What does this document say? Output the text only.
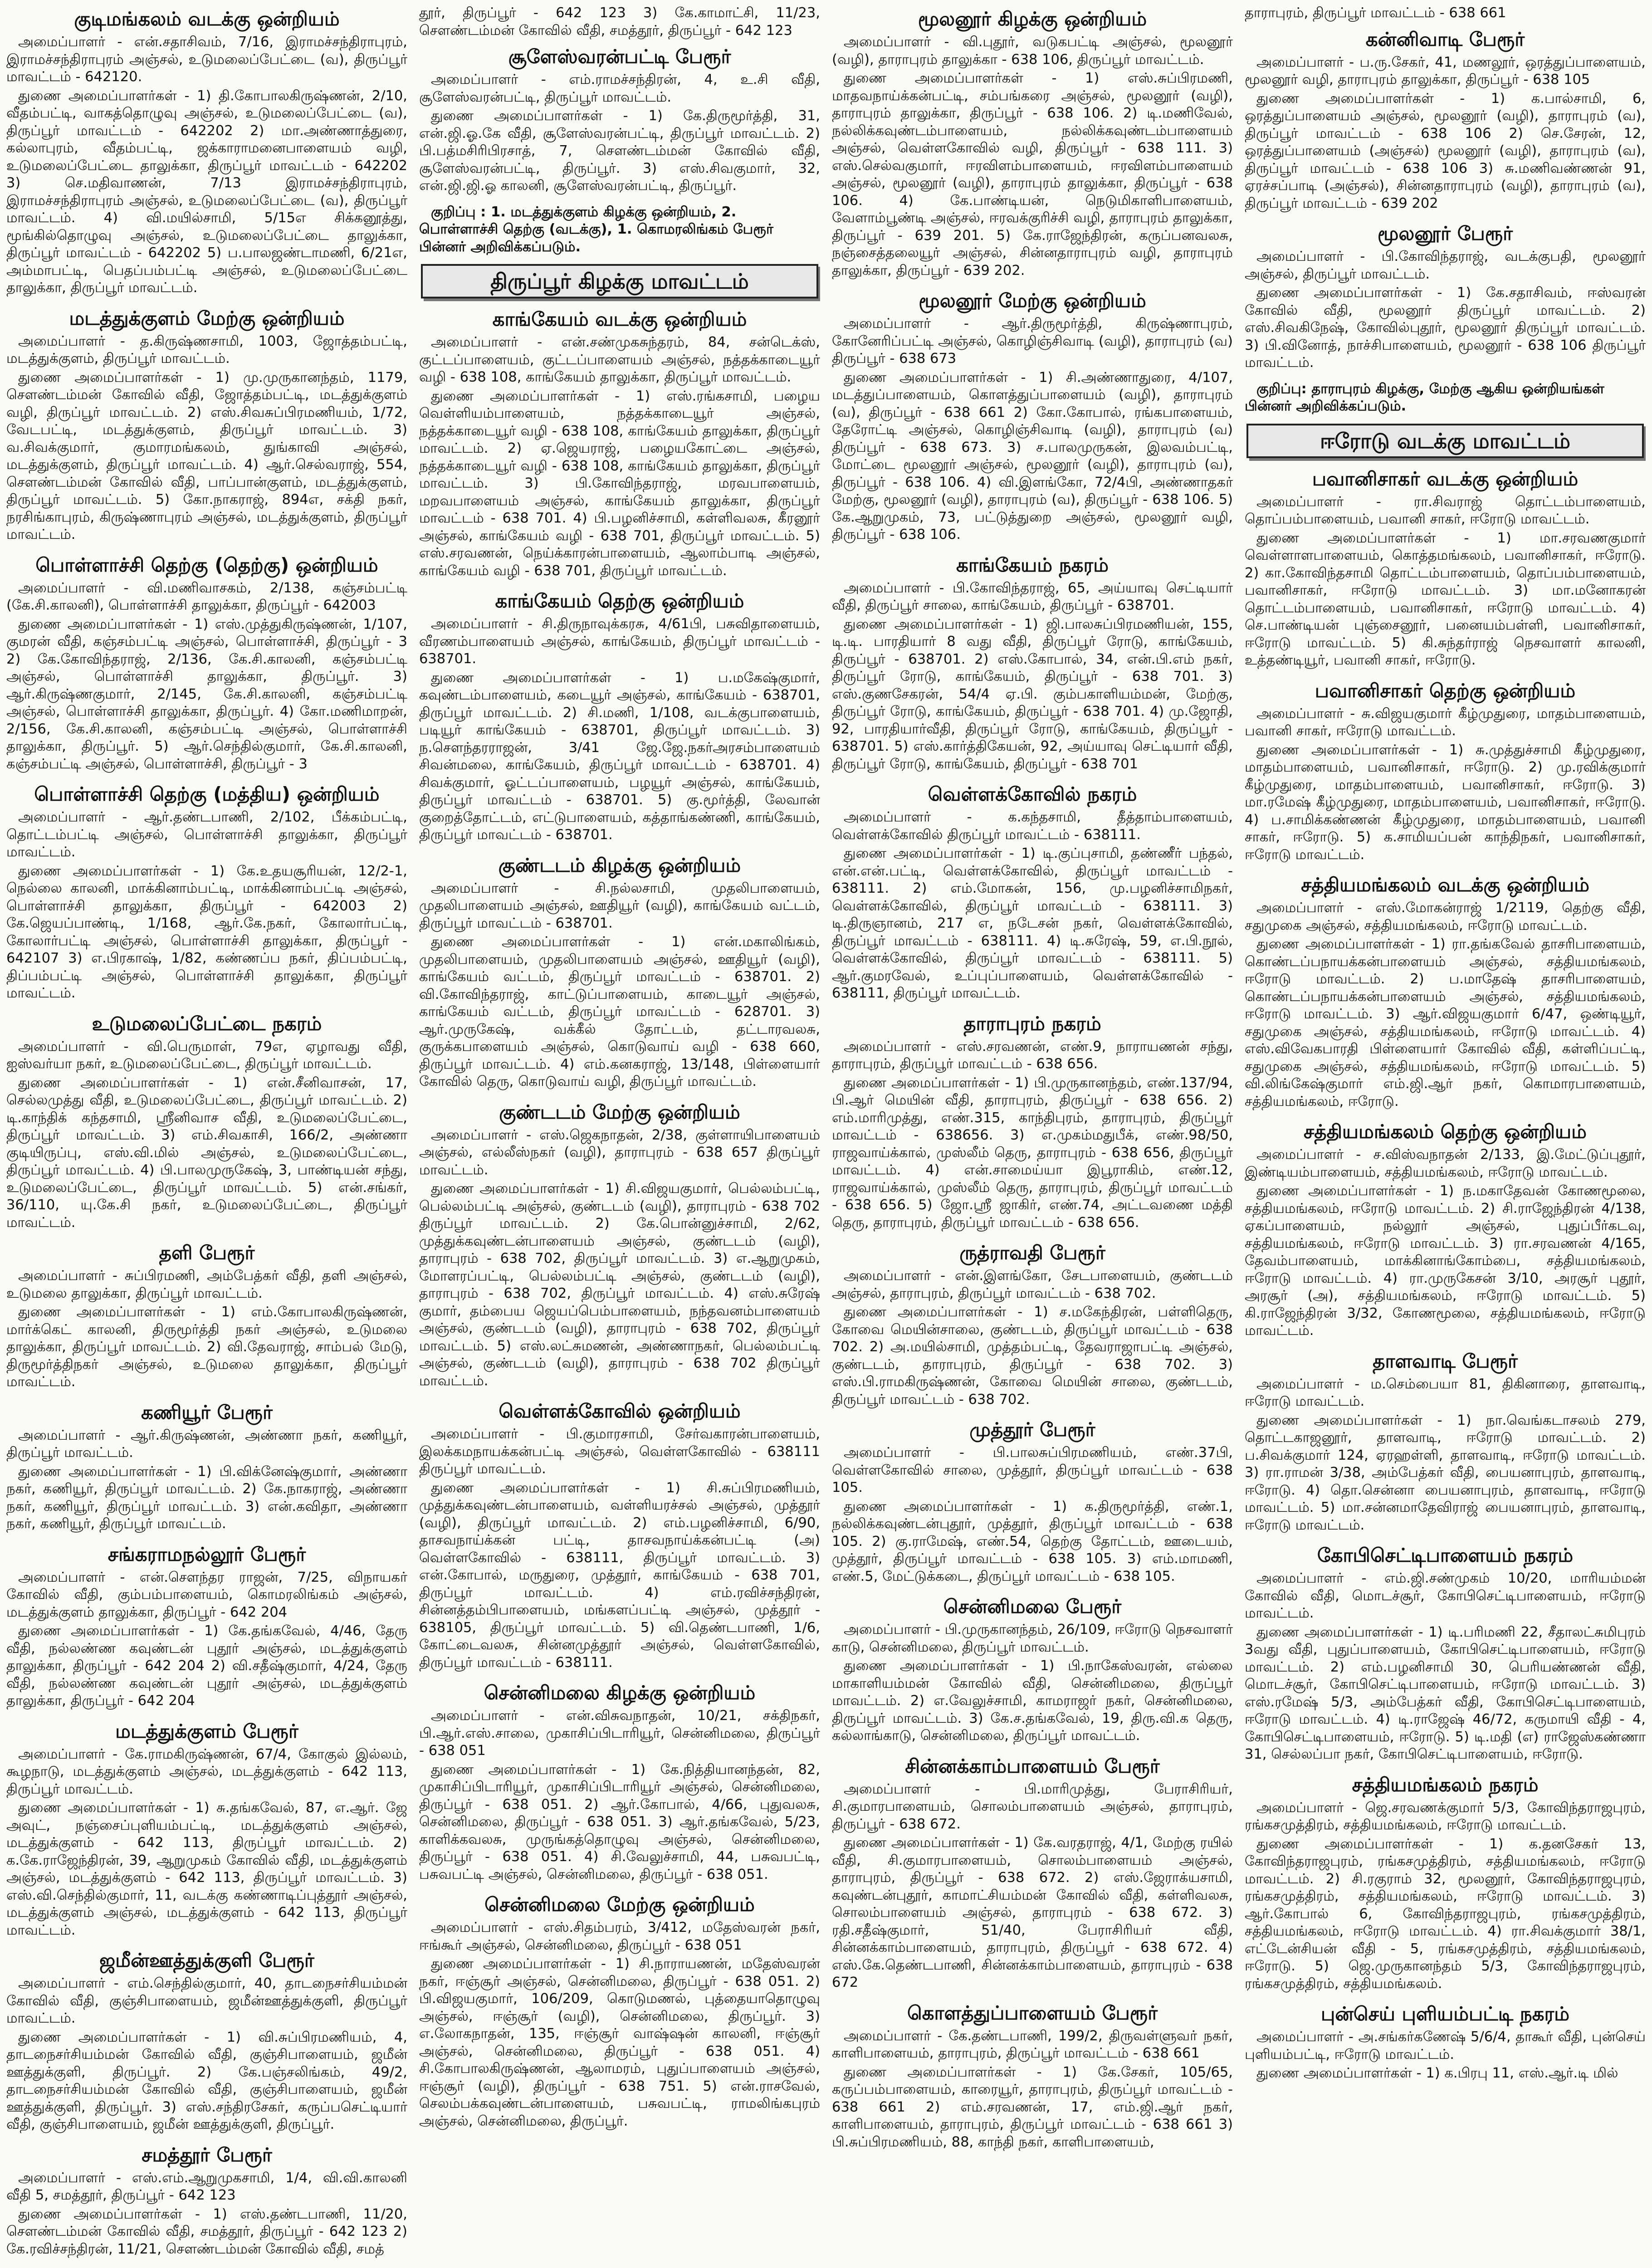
குடிமங்கலம் வடக்கு ஒன்றியம்
அமைப்பாளர் - என்.சதாசிவம், 7/16, இராமச்சந்திராபுரம், இராமச்சந்திராபுரம் அஞ்சல், உடுமலைப்பேட்டை (வ), திருப்பூர் மாவட்டம் - 642120.
துணை அமைப்பாளர்கள் - 1) தி.கோபாலகிருஷ்ணன், 2/10, வீதம்பட்டி, வாகத்தொழுவு அஞ்சல், உடுமலைப்பேட்டை (வ), திருப்பூர் மாவட்டம் - 642202 2) மா.அண்ணாத்துரை, கல்லாபுரம், வீதம்பட்டி, ஜக்காராமனைபாளையம் வழி, உடுமலைப்பேட்டை தாலுக்கா, திருப்பூர் மாவட்டம் - 642202 3) செ.மதிவாணன், 7/13 இராமச்சந்திராபுரம், இராமச்சந்திராபுரம் அஞ்சல், உடுமலைப்பேட்டை (வ), திருப்பூர் மாவட்டம். 4) வி.மயில்சாமி, 5/15எ சிக்கனூத்து, மூங்கில்தொழுவு அஞ்சல், உடுமலைப்பேட்டை தாலுக்கா, திருப்பூர் மாவட்டம் - 642202 5) ப.பாலஜண்டாமணி, 6/21எ, அம்மாபட்டி, பெதப்பம்பட்டி அஞ்சல், உடுமலைப்பேட்டை தாலுக்கா, திருப்பூர் மாவட்டம்.
மடத்துக்குளம் மேற்கு ஒன்றியம்
அமைப்பாளர் - த.கிருஷ்ணசாமி, 1003, ஜோத்தம்பட்டி, மடத்துக்குளம், திருப்பூர் மாவட்டம்.
துணை அமைப்பாளர்கள் - 1) மு.முருகானந்தம், 1179, சௌண்டம்மன் கோவில் வீதி, ஜோத்தம்பட்டி, மடத்துக்குளம் வழி, திருப்பூர் மாவட்டம். 2) எஸ்.சிவசுப்பிரமணியம், 1/72, வேடபட்டி, மடத்துக்குளம், திருப்பூர் மாவட்டம். 3) வ.சிவக்குமார், குமாரமங்கலம், துங்காவி அஞ்சல், மடத்துக்குளம், திருப்பூர் மாவட்டம். 4) ஆர்.செல்வராஜ், 554, சௌண்டம்மன் கோவில் வீதி, பாப்பான்குளம், மடத்துக்குளம், திருப்பூர் மாவட்டம். 5) கோ.நாகராஜ், 894எ, சக்தி நகர், நரசிங்காபுரம், கிருஷ்ணாபுரம் அஞ்சல், மடத்துக்குளம், திருப்பூர் மாவட்டம்.
பொள்ளாச்சி தெற்கு (தெற்கு) ஒன்றியம்
அமைப்பாளர் - வி.மணிவாசகம், 2/138, கஞ்சம்பட்டி (கே.சி.காலனி), பொள்ளாச்சி தாலுக்கா, திருப்பூர் - 642003
துணை அமைப்பாளர்கள் - 1) எஸ்.முத்துகிருஷ்ணன், 1/107, குமரன் வீதி, கஞ்சம்பட்டி அஞ்சல், பொள்ளாச்சி, திருப்பூர் - 3 2) கே.கோவிந்தராஜ், 2/136, கே.சி.காலனி, கஞ்சம்பட்டி அஞ்சல், பொள்ளாச்சி தாலுக்கா, திருப்பூர். 3) ஆர்.கிருஷ்ணகுமார், 2/145, கே.சி.காலனி, கஞ்சம்பட்டி அஞ்சல், பொள்ளாச்சி தாலுக்கா, திருப்பூர். 4) கோ.மணிமாறன், 2/156, கே.சி.காலனி, கஞ்சம்பட்டி அஞ்சல், பொள்ளாச்சி தாலுக்கா, திருப்பூர். 5) ஆர்.செந்தில்குமார், கே.சி.காலனி, கஞ்சம்பட்டி அஞ்சல், பொள்ளாச்சி, திருப்பூர் - 3
பொள்ளாச்சி தெற்கு (மத்திய) ஒன்றியம்
அமைப்பாளர் - ஆர்.தண்டபாணி, 2/102, பீக்கம்பட்டி, தொட்டம்பட்டி அஞ்சல், பொள்ளாச்சி தாலுக்கா, திருப்பூர் மாவட்டம்.
துணை அமைப்பாளர்கள் - 1) கே.உதயசூரியன், 12/2-1, நெல்லை காலனி, மாக்கினாம்பட்டி, மாக்கினாம்பட்டி அஞ்சல், பொள்ளாச்சி தாலுக்கா, திருப்பூர் - 642003 2) கே.ஜெயப்பாண்டி, 1/168, ஆர்.கே.நகர், கோலார்பட்டி, கோலார்பட்டி அஞ்சல், பொள்ளாச்சி தாலுக்கா, திருப்பூர் - 642107 3) எ.பிரகாஷ், 1/82, கண்ணப்ப நகர், திப்பம்பட்டி, திப்பம்பட்டி அஞ்சல், பொள்ளாச்சி தாலுக்கா, திருப்பூர் மாவட்டம்.
உடுமலைப்பேட்டை நகரம்
அமைப்பாளர் - வி.பெருமாள், 79எ, ஏழாவது வீதி, ஐஸ்வர்யா நகர், உடுமலைப்பேட்டை, திருப்பூர் மாவட்டம்.
துணை அமைப்பாளர்கள் - 1) என்.சீனிவாசன், 17, செல்லமுத்து வீதி, உடுமலைப்பேட்டை, திருப்பூர் மாவட்டம். 2) டி.காந்திக் கந்தசாமி, ஸ்ரீனிவாச வீதி, உடுமலைப்பேட்டை, திருப்பூர் மாவட்டம். 3) எம்.சிவகாசி, 166/2, அண்ணா குடியிருப்பு, எஸ்.வி.மில் அஞ்சல், உடுமலைப்பேட்டை, திருப்பூர் மாவட்டம். 4) பி.பாலமுருகேஷ், 3, பாண்டியன் சந்து, உடுமலைப்பேட்டை, திருப்பூர் மாவட்டம். 5) என்.சங்கர், 36/110, யு.கே.சி நகர், உடுமலைப்பேட்டை, திருப்பூர் மாவட்டம்.
தளி பேரூர்
அமைப்பாளர் - சுப்பிரமணி, அம்பேத்கர் வீதி, தளி அஞ்சல், உடுமலை தாலுக்கா, திருப்பூர் மாவட்டம்.
துணை அமைப்பாளர்கள் - 1) எம்.கோபாலகிருஷ்ணன், மார்க்கெட் காலனி, திருமூர்த்தி நகர் அஞ்சல், உடுமலை தாலுக்கா, திருப்பூர் மாவட்டம். 2) வி.தேவராஜ், சாம்பல் மேடு, திருமூர்த்திநகர் அஞ்சல், உடுமலை தாலுக்கா, திருப்பூர் மாவட்டம்.
கணியூர் பேரூர்
அமைப்பாளர் - ஆர்.கிருஷ்ணன், அண்ணா நகர், கணியூர், திருப்பூர் மாவட்டம்.
துணை அமைப்பாளர்கள் - 1) பி.விக்னேஷ்குமார், அண்ணா நகர், கணியூர், திருப்பூர் மாவட்டம். 2) கே.நாகராஜ், அண்ணா நகர், கணியூர், திருப்பூர் மாவட்டம். 3) என்.கவிதா, அண்ணா நகர், கணியூர், திருப்பூர் மாவட்டம்.
சங்கராமநல்லூர் பேரூர்
அமைப்பாளர் - என்.சௌந்தர ராஜன், 7/25, விநாயகர் கோவில் வீதி, கும்பம்பாளையம், கொமரலிங்கம் அஞ்சல், மடத்துக்குளம் தாலுக்கா, திருப்பூர் - 642 204
துணை அமைப்பாளர்கள் - 1) கே.தங்கவேல், 4/46, தேரு வீதி, நல்லண்ண கவுண்டன் புதூர் அஞ்சல், மடத்துக்குளம் தாலுக்கா, திருப்பூர் - 642 204 2) வி.சதீஷ்குமார், 4/24, தேரு வீதி, நல்லண்ண கவுண்டன் புதூர் அஞ்சல், மடத்துக்குளம் தாலுக்கா, திருப்பூர் - 642 204
மடத்துக்குளம் பேரூர்
அமைப்பாளர் - கே.ராமகிருஷ்ணன், 67/4, கோகுல் இல்லம், கூழநாடு, மடத்துக்குளம் அஞ்சல், மடத்துக்குளம் - 642 113, திருப்பூர் மாவட்டம்.
துணை அமைப்பாளர்கள் - 1) சு.தங்கவேல், 87, எ.ஆர். ஜே அவுட், நஞ்சைப்புளியம்பட்டி, மடத்துக்குளம் அஞ்சல், மடத்துக்குளம் - 642 113, திருப்பூர் மாவட்டம். 2) க.கே.ராஜேந்திரன், 39, ஆறுமுகம் கோவில் வீதி, மடத்துக்குளம் அஞ்சல், மடத்துக்குளம் - 642 113, திருப்பூர் மாவட்டம். 3) எஸ்.வி.செந்தில்குமார், 11, வடக்கு கண்ணாடிப்புத்தூர் அஞ்சல், மடத்துக்குளம் அஞ்சல், மடத்துக்குளம் - 642 113, திருப்பூர் மாவட்டம்.
ஜமீன்ஊத்துக்குளி பேரூர்
அமைப்பாளர் - எம்.செந்தில்குமார், 40, தாடநைசர்சியம்மன் கோவில் வீதி, குஞ்சிபாளையம், ஜமீன்ஊத்துக்குளி, திருப்பூர் மாவட்டம்.
துணை அமைப்பாளர்கள் - 1) வி.சுப்பிரமணியம், 4, தாடநைசர்சியம்மன் கோவில் வீதி, குஞ்சிபாளையம், ஜமீன் ஊத்துக்குளி, திருப்பூர். 2) கே.பஞ்சலிங்கம், 49/2, தாடநைசர்சியம்மன் கோவில் வீதி, குஞ்சிபாளையம், ஜமீன் ஊத்துக்குளி, திருப்பூர். 3) எஸ்.சந்திரசேகர், கருப்பசெட்டியார் வீதி, குஞ்சிபாளையம், ஜமீன் ஊத்துக்குளி, திருப்பூர்.
சமத்தூர் பேரூர்
அமைப்பாளர் - எஸ்.எம்.ஆறுமுகசாமி, 1/4, வி.வி.காலனி வீதி 5, சமத்தூர், திருப்பூர் - 642 123
துணை அமைப்பாளர்கள் - 1) எஸ்.தண்டபாணி, 11/20, செளண்டம்மன் கோவில் வீதி, சமத்தூர், திருப்பூர் - 642 123 2) கே.ரவிச்சந்திரன், 11/21, செளண்டம்மன் கோவில் வீதி, சமத்
தூர், திருப்பூர் - 642 123 3) கே.காமாட்சி, 11/23, செளண்டம்மன் கோவில் வீதி, சமத்தூர், திருப்பூர் - 642 123
சூளேஸ்வரன்பட்டி பேரூர்
அமைப்பாளர் - எம்.ராமச்சந்திரன், 4, உ.சி வீதி, சூளேஸ்வரன்பட்டி, திருப்பூர் மாவட்டம்.
துணை அமைப்பாளர்கள் - 1) கே.திருமூர்த்தி, 31, என்.ஜி.ஓ.கே வீதி, சூளேஸ்வரன்பட்டி, திருப்பூர் மாவட்டம். 2) பி.பத்மசிரிபிரசாத், 7, செளண்டம்மன் கோவில் வீதி, சூளேஸ்வரன்பட்டி, திருப்பூர். 3) எஸ்.சிவகுமார், 32, என்.ஜி.ஜி.ஓ காலனி, சூளேஸ்வரன்பட்டி, திருப்பூர்.
குறிப்பு : 1. மடத்துக்குளம் கிழக்கு ஒன்றியம், 2. பொள்ளாச்சி தெற்கு (வடக்கு), 1. கொமரலிங்கம் பேரூர் பின்னர் அறிவிக்கப்படும்.
திருப்பூர் கிழக்கு மாவட்டம்
காங்கேயம் வடக்கு ஒன்றியம்
அமைப்பாளர் - என்.சண்முகசுந்தரம், 84, சன்டெக்ஸ், குட்டப்பாளையம், குட்டப்பாளையம் அஞ்சல், நத்தக்காடையூர் வழி - 638 108, காங்கேயம் தாலுக்கா, திருப்பூர் மாவட்டம்.
துணை அமைப்பாளர்கள் - 1) எஸ்.ரங்கசாமி, பழைய வெள்ளியம்பாளையம், நத்தக்காடையூர் அஞ்சல், நத்தக்காடையூர் வழி - 638 108, காங்கேயம் தாலுக்கா, திருப்பூர் மாவட்டம். 2) ஏ.ஜெயராஜ், பழையகோட்டை அஞ்சல், நத்தக்காடையூர் வழி - 638 108, காங்கேயம் தாலுக்கா, திருப்பூர் மாவட்டம். 3) பி.கோவிந்தராஜ், மரவபாளையம், மறவபாளையம் அஞ்சல், காங்கேயம் தாலுக்கா, திருப்பூர் மாவட்டம் - 638 701. 4) பி.பழனிச்சாமி, கள்ளிவலசு, கீரனூர் அஞ்சல், காங்கேயம் வழி - 638 701, திருப்பூர் மாவட்டம். 5) எஸ்.சரவணன், நெய்க்காரன்பாளையம், ஆலாம்பாடி அஞ்சல், காங்கேயம் வழி - 638 701, திருப்பூர் மாவட்டம்.
காங்கேயம் தெற்கு ஒன்றியம்
அமைப்பாளர் - சி.திருநாவுக்கரசு, 4/61பி, பசுவிதாளையம், வீரணம்பாளையம் அஞ்சல், காங்கேயம், திருப்பூர் மாவட்டம் - 638701.
துணை அமைப்பாளர்கள் - 1) ப.மகேஷ்குமார், கவுண்டம்பாளையம், கடையூர் அஞ்சல், காங்கேயம் - 638701, திருப்பூர் மாவட்டம். 2) சி.மணி, 1/108, வடக்குபாளையம், படியூர் காங்கேயம் - 638701, திருப்பூர் மாவட்டம். 3) ந.சௌந்தரராஜன், 3/41 ஜே.ஜே.நகர்அரசம்பாளையம் சிவன்மலை, காங்கேயம், திருப்பூர் மாவட்டம் - 638701. 4) சிவக்குமார், ஓட்டப்பாளையம், பழயூர் அஞ்சல், காங்கேயம், திருப்பூர் மாவட்டம் - 638701. 5) கு.மூர்த்தி, லேவான் குறைத்தோட்டம், எட்டுபாளையம், கத்தாங்கண்ணி, காங்கேயம், திருப்பூர் மாவட்டம் - 638701.
குண்டடம் கிழக்கு ஒன்றியம்
அமைப்பாளர் - சி.நல்லசாமி, முதலிபாளையம், முதலிபாளையம் அஞ்சல், ஊதியூர் (வழி), காங்கேயம் வட்டம், திருப்பூர் மாவட்டம் - 638701.
துணை அமைப்பாளர்கள் - 1) என்.மகாலிங்கம், முதலிபாளையம், முதலிபாளையம் அஞ்சல், ஊதியூர் (வழி), காங்கேயம் வட்டம், திருப்பூர் மாவட்டம் - 638701. 2) வி.கோவிந்தராஜ், காட்டுப்பாளையம், காடையூர் அஞ்சல், காங்கேயம் வட்டம், திருப்பூர் மாவட்டம் - 628701. 3) ஆர்.முருகேஷ், வக்கீல் தோட்டம், தட்டாரவலசு, குருக்கபாளையம் அஞ்சல், கொடுவாய் வழி - 638 660, திருப்பூர் மாவட்டம். 4) எம்.கனகராஜ், 13/148, பிள்ளையார் கோவில் தெரு, கொடுவாய் வழி, திருப்பூர் மாவட்டம்.
குண்டடம் மேற்கு ஒன்றியம்
அமைப்பாளர் - எஸ்.ஜெகநாதன், 2/38, குள்ளாயிபாளையம் அஞ்சல், எல்லீஸ்நகர் (வழி), தாராபுரம் - 638 657 திருப்பூர் மாவட்டம்.
துணை அமைப்பாளர்கள் - 1) சி.விஜயகுமார், பெல்லம்பட்டி, பெல்லம்பட்டி அஞ்சல், குண்டடம் (வழி), தாராபுரம் - 638 702 திருப்பூர் மாவட்டம். 2) கே.பொன்னுச்சாமி, 2/62, முத்துக்கவுண்டன்பாளையம் அஞ்சல், குண்டடம் (வழி), தாராபுரம் - 638 702, திருப்பூர் மாவட்டம். 3) எ.ஆறுமுகம், மோளரப்பட்டி, பெல்லம்பட்டி அஞ்சல், குண்டடம் (வழி), தாராபுரம் - 638 702, திருப்பூர் மாவட்டம். 4) எஸ்.சுரேஷ் குமார், தம்பைய ஜெயப்பெம்பாளையம், நந்தவனம்பாளையம் அஞ்சல், குண்டடம் (வழி), தாராபுரம் - 638 702, திருப்பூர் மாவட்டம். 5) எஸ்.லட்சுமணன், அண்ணாநகர், பெல்லம்பட்டி அஞ்சல், குண்டடம் (வழி), தாராபுரம் - 638 702 திருப்பூர் மாவட்டம்.
வெள்ளக்கோவில் ஒன்றியம்
அமைப்பாளர் - பி.குமாரசாமி, சேர்வகாரன்பாளையம், இலக்கமநாயக்கன்பட்டி அஞ்சல், வெள்ளகோவில் - 638111 திருப்பூர் மாவட்டம்.
துணை அமைப்பாளர்கள் - 1) சி.சுப்பிரமணியம், முத்துக்கவுண்டன்பாளையம், வள்ளியரச்சல் அஞ்சல், முத்தூர் (வழி), திருப்பூர் மாவட்டம். 2) எம்.பழனிச்சாமி, 6/90, தாசவநாய்க்கன் பட்டி, தாசவநாய்க்கன்பட்டி (அ) வெள்ளகோவில் - 638111, திருப்பூர் மாவட்டம். 3) என்.கோபால், மருதுரை, முத்தூர், காங்கேயம் - 638 701, திருப்பூர் மாவட்டம். 4) எம்.ரவிச்சந்திரன், சின்னத்தம்பிபாளையம், மங்களப்பட்டி அஞ்சல், முத்தூர் - 638105, திருப்பூர் மாவட்டம். 5) வி.தெண்டபாணி, 1/6, கோட்டைவலசு, சின்னமுத்தூர் அஞ்சல், வெள்ளகோவில், திருப்பூர் மாவட்டம் - 638111.
சென்னிமலை கிழக்கு ஒன்றியம்
அமைப்பாளர் - என்.விசுவநாதன், 10/21, சக்திநகர், பி.ஆர்.எஸ்.சாலை, முகாசிப்பிடாரியூர், சென்னிமலை, திருப்பூர் - 638 051
துணை அமைப்பாளர்கள் - 1) கே.நித்தியானந்தன், 82, முகாசிப்பிடாரியூர், முகாசிப்பிடாரியூர் அஞ்சல், சென்னிமலை, திருப்பூர் - 638 051. 2) ஆர்.கோபால், 4/66, புதுவலசு, சென்னிமலை, திருப்பூர் - 638 051. 3) ஆர்.தங்கவேல், 5/23, காளிக்கவலசு, முருங்கத்தொழுவு அஞ்சல், சென்னிமலை, திருப்பூர் - 638 051. 4) சி.வேலுச்சாமி, 44, பசுவபட்டி, பசுவபட்டி அஞ்சல், சென்னிமலை, திருப்பூர் - 638 051.
சென்னிமலை மேற்கு ஒன்றியம்
அமைப்பாளர் - எஸ்.சிதம்பரம், 3/412, மதேஸ்வரன் நகர், ஈங்கூர் அஞ்சல், சென்னிமலை, திருப்பூர் - 638 051
துணை அமைப்பாளர்கள் - 1) சி.நாராயணன், மதேஸ்வரன் நகர், ஈஞ்சூர் அஞ்சல், சென்னிமலை, திருப்பூர் - 638 051. 2) பி.விஜயகுமார், 106/209, கொடுமணல், புத்தையாதொழுவு அஞ்சல், ஈஞ்சூர் (வழி), சென்னிமலை, திருப்பூர். 3) எ.லோகநாதன், 135, ஈஞ்சூர் வாஷ்ஷன் காலனி, ஈஞ்சூர் அஞ்சல், சென்னிமலை, திருப்பூர் - 638 051. 4) சி.கோபாலகிருஷ்ணன், ஆலாமரம், புதுப்பாளையம் அஞ்சல், ஈஞ்சூர் (வழி), திருப்பூர் - 638 751. 5) என்.ராசவேல், செலம்பக்கவுண்டன்பாளையம், பசுவபட்டி, ராமலிங்கபுரம் அஞ்சல், சென்னிமலை, திருப்பூர்.
மூலனூர் கிழக்கு ஒன்றியம்
அமைப்பாளர் - வி.புதூர், வடுகபட்டி அஞ்சல், மூலனூர் (வழி), தாராபுரம் தாலுக்கா - 638 106, திருப்பூர் மாவட்டம்.
துணை அமைப்பாளர்கள் - 1) எஸ்.சுப்பிரமணி, மாதவநாய்க்கன்பட்டி, சம்பங்கரை அஞ்சல், மூலனூர் (வழி), தாராபுரம் தாலுக்கா, திருப்பூர் - 638 106. 2) டி.மணிவேல், நல்லிக்கவுண்டம்பாளையம், நல்லிக்கவுண்டம்பாளையம் அஞ்சல், வெள்ளகோவில் வழி, திருப்பூர் - 638 111. 3) எஸ்.செல்வகுமார், ஈரவிளம்பாளையம், ஈரவிளம்பாளையம் அஞ்சல், மூலனூர் (வழி), தாராபுரம் தாலுக்கா, திருப்பூர் - 638 106. 4) கே.பாண்டியன், நெடுமிகாளிபாளையம், வேளாம்பூண்டி அஞ்சல், ஈரவக்குரிச்சி வழி, தாராபுரம் தாலுக்கா, திருப்பூர் - 639 201. 5) கே.ராஜேந்திரன், கருப்பனவலசு, நஞ்சைத்தலையூர் அஞ்சல், சின்னதாராபுரம் வழி, தாராபுரம் தாலுக்கா, திருப்பூர் - 639 202.
மூலனூர் மேற்கு ஒன்றியம்
அமைப்பாளர் - ஆர்.திருமூர்த்தி, கிருஷ்ணாபுரம், கோனேரிப்பட்டி அஞ்சல், கொழிஞ்சிவாடி (வழி), தாராபுரம் (வ) திருப்பூர் - 638 673
துணை அமைப்பாளர்கள் - 1) சி.அண்ணாதுரை, 4/107, மடத்துப்பாளையம், கொளத்துப்பாளையம் (வழி), தாராபுரம் (வ), திருப்பூர் - 638 661 2) கோ.கோபால், ரங்கபாளையம், தேரோட்டி அஞ்சல், கொழிஞ்சிவாடி (வழி), தாராபுரம் (வ) திருப்பூர் - 638 673. 3) ச.பாலமுருகன், இலவம்பட்டி, மோட்டை மூலனூர் அஞ்சல், மூலனூர் (வழி), தாராபுரம் (வ), திருப்பூர் - 638 106. 4) வி.இளங்கோ, 72/4பி, அண்ணாதகர் மேற்கு, மூலனூர் (வழி), தாராபுரம் (வ), திருப்பூர் - 638 106. 5) கே.ஆறுமுகம், 73, பட்டுத்துறை அஞ்சல், மூலனூர் வழி, திருப்பூர் - 638 106.
காங்கேயம் நகரம்
அமைப்பாளர் - பி.கோவிந்தராஜ், 65, அய்யாவு செட்டியார் வீதி, திருப்பூர் சாலை, காங்கேயம், திருப்பூர் - 638701.
துணை அமைப்பாளர்கள் - 1) ஜி.பாலசுப்பிரமணியன், 155, டி.டி. பாரதியார் 8 வது வீதி, திருப்பூர் ரோடு, காங்கேயம், திருப்பூர் - 638701. 2) எஸ்.கோபால், 34, என்.பி.எம் நகர், திருப்பூர் ரோடு, காங்கேயம், திருப்பூர் - 638 701. 3) எஸ்.குணசேகரன், 54/4 ஏ.பி. கும்பகாளியம்மன், மேற்கு, திருப்பூர் ரோடு, காங்கேயம், திருப்பூர் - 638 701. 4) மு.ஜோதி, 92, பாரதியார்வீதி, திருப்பூர் ரோடு, காங்கேயம், திருப்பூர் - 638701. 5) எஸ்.கார்த்திகேயன், 92, அய்யாவு செட்டியார் வீதி, திருப்பூர் ரோடு, காங்கேயம், திருப்பூர் - 638 701
வெள்ளக்கோவில் நகரம்
அமைப்பாளர் - க.கந்தசாமி, தீத்தாம்பாளையம், வெள்ளக்கோவில் திருப்பூர் மாவட்டம் - 638111.
துணை அமைப்பாளர்கள் - 1) டி.குப்புசாமி, தண்ணீர் பந்தல், என்.என்.பட்டி, வெள்ளக்கோவில், திருப்பூர் மாவட்டம் - 638111. 2) எம்.மோகன், 156, மு.பழனிச்சாமிநகர், வெள்ளக்கோவில், திருப்பூர் மாவட்டம் - 638111. 3) டி.திருஞானம், 217 எ, நடேசன் நகர், வெள்ளக்கோவில், திருப்பூர் மாவட்டம் - 638111. 4) டி.சுரேஷ், 59, எ.பி.நூல், வெள்ளக்கோவில், திருப்பூர் மாவட்டம் - 638111. 5) ஆர்.குமரவேல், உப்புப்பாளையம், வெள்ளக்கோவில் - 638111, திருப்பூர் மாவட்டம்.
தாராபுரம் நகரம்
அமைப்பாளர் - எஸ்.சரவணன், எண்.9, நாராயணன் சந்து, தாராபுரம், திருப்பூர் மாவட்டம் - 638 656.
துணை அமைப்பாளர்கள் - 1) பி.முருகானந்தம், எண்.137/94, பி.ஆர் மெயின் வீதி, தாராபுரம், திருப்பூர் - 638 656. 2) எம்.மாரிமுத்து, எண்.315, காந்திபுரம், தாராபுரம், திருப்பூர் மாவட்டம் - 638656. 3) எ.முகம்மதுபீக், எண்.98/50, ராஜவாய்க்கால், முஸ்லீம் தெரு, தாராபுரம் - 638 656, திருப்பூர் மாவட்டம். 4) என்.சாமைய்யா இபூராகிம், எண்.12, ராஜவாய்க்கால், முஸ்லீம் தெரு, தாராபுரம், திருப்பூர் மாவட்டம் - 638 656. 5) ஜோ.ஸ்ரீ ஜாகிர், எண்.74, அட்டவணை மத்தி தெரு, தாராபுரம், திருப்பூர் மாவட்டம் - 638 656.
ருத்ராவதி பேரூர்
அமைப்பாளர் - என்.இளங்கோ, சேடபாளையம், குண்டடம் அஞ்சல், தாராபுரம், திருப்பூர் மாவட்டம் - 638 702.
துணை அமைப்பாளர்கள் - 1) ச.மகேந்திரன், பள்ளிதெரு, கோவை மெயின்சாலை, குண்டடம், திருப்பூர் மாவட்டம் - 638 702. 2) அ.மயில்சாமி, முத்தம்பட்டி, தேவராஜாபட்டி அஞ்சல், குண்டடம், தாராபுரம், திருப்பூர் - 638 702. 3) எஸ்.பி.ராமகிருஷ்ணன், கோவை மெயின் சாலை, குண்டடம், திருப்பூர் மாவட்டம் - 638 702.
முத்தூர் பேரூர்
அமைப்பாளர் - பி.பாலசுப்பிரமணியம், எண்.37பி, வெள்ளகோவில் சாலை, முத்தூர், திருப்பூர் மாவட்டம் - 638 105.
துணை அமைப்பாளர்கள் - 1) க.திருமூர்த்தி, எண்.1, நல்லிக்கவுண்டன்புதூர், முத்தூர், திருப்பூர் மாவட்டம் - 638 105. 2) கு.ராமேஷ், எண்.54, தெற்கு தோட்டம், ஊடையம், முத்தூர், திருப்பூர் மாவட்டம் - 638 105. 3) எம்.மாமணி, எண்.5, மேட்டுக்கடை, திருப்பூர் மாவட்டம் - 638 105.
சென்னிமலை பேரூர்
அமைப்பாளர் - பி.முருகானந்தம், 26/109, ஈரோடு நெசவாளர் காடு, சென்னிமலை, திருப்பூர் மாவட்டம்.
துணை அமைப்பாளர்கள் - 1) பி.நாகேஸ்வரன், எல்லை மாகாளியம்மன் கோவில் வீதி, சென்னிமலை, திருப்பூர் மாவட்டம். 2) எ.வேலுச்சாமி, காமராஜர் நகர், சென்னிமலை, திருப்பூர் மாவட்டம். 3) கே.ச.தங்கவேல், 19, திரு.வி.க தெரு, கல்லாங்காடு, சென்னிமலை, திருப்பூர் மாவட்டம்.
சின்னக்காம்பாளையம் பேரூர்
அமைப்பாளர் - பி.மாரிமுத்து, பேராசிரியர், சி.குமாரபாளையம், சொலம்பாளையம் அஞ்சல், தாராபுரம், திருப்பூர் - 638 672.
துணை அமைப்பாளர்கள் - 1) கே.வரதராஜ், 4/1, மேற்கு ரயில் வீதி, சி.குமாரபாளையம், சொலம்பாளையம் அஞ்சல், தாராபுரம், திருப்பூர் - 638 672. 2) எஸ்.ஜேராக்யசாமி, கவுண்டன்புதூர், காமாட்சியம்மன் கோவில் வீதி, கள்ளிவலசு, சொலம்பாளையம் அஞ்சல், தாராபுரம் - 638 672. 3) ரதி.சதீஷ்குமார், 51/40, பேராசிரியர் வீதி, சின்னக்காம்பாளையம், தாராபுரம், திருப்பூர் - 638 672. 4) எஸ்.கே.தெண்டபாணி, சின்னக்காம்பாளையம், தாராபுரம் - 638 672
கொளத்துப்பாளையம் பேரூர்
அமைப்பாளர் - கே.தண்டபாணி, 199/2, திருவள்ளுவர் நகர், காளிபாளையம், தாராபுரம், திருப்பூர் மாவட்டம் - 638 661
துணை அமைப்பாளர்கள் - 1) கே.சேகர், 105/65, கருப்பம்பாளையம், காரையூர், தாராபுரம், திருப்பூர் மாவட்டம் - 638 661 2) எம்.சரவணன், 17, எம்.ஜி.ஆர் நகர், காளிபாளையம், தாராபுரம், திருப்பூர் மாவட்டம் - 638 661 3) பி.சுப்பிரமணியம், 88, காந்தி நகர், காளிபாளையம்,
தாராபுரம், திருப்பூர் மாவட்டம் - 638 661
கன்னிவாடி பேரூர்
அமைப்பாளர் - ப.ரு.சேகர், 41, மணலூர், ஒரத்துப்பாளையம், மூலனூர் வழி, தாராபுரம் தாலுக்கா, திருப்பூர் - 638 105
துணை அமைப்பாளர்கள் - 1) க.பால்சாமி, 6, ஒரத்துப்பாளையம் அஞ்சல், மூலனூர் (வழி), தாராபுரம் (வ), திருப்பூர் மாவட்டம் - 638 106 2) செ.சேரன், 12, ஒரத்துப்பாளையம் (அஞ்சல்) மூலனூர் (வழி), தாராபுரம் (வ), திருப்பூர் மாவட்டம் - 638 106 3) சு.மணிவண்ணன் 91, ஏரச்சப்பாடி (அஞ்சல்), சின்னதாராபுரம் (வழி), தாராபுரம் (வ), திருப்பூர் மாவட்டம் - 639 202
மூலனூர் பேரூர்
அமைப்பாளர் - பி.கோவிந்தராஜ், வடக்குபதி, மூலனூர் அஞ்சல், திருப்பூர் மாவட்டம்.
துணை அமைப்பாளர்கள் - 1) கே.சதாசிவம், ஈஸ்வரன் கோவில் வீதி, மூலனூர் திருப்பூர் மாவட்டம். 2) எஸ்.சிவகிநேஷ், கோவில்புதூர், மூலனூர் திருப்பூர் மாவட்டம். 3) பி.வினோத், நாச்சிபாளையம், மூலனூர் - 638 106 திருப்பூர் மாவட்டம்.
குறிப்பு: தாராபுரம் கிழக்கு, மேற்கு ஆகிய ஒன்றியங்கள் பின்னர் அறிவிக்கப்படும்.
ஈரோடு வடக்கு மாவட்டம்
பவானிசாகர் வடக்கு ஒன்றியம்
அமைப்பாளர் - ரா.சிவராஜ் தொட்டம்பாளையம், தொப்பம்பாளையம், பவானி சாகர், ஈரோடு மாவட்டம்.
துணை அமைப்பாளர்கள் - 1) மா.சரவணகுமார் வெள்ளாளபாளையம், கொத்தமங்கலம், பவானிசாகர், ஈரோடு. 2) கா.கோவிந்தசாமி தொட்டம்பாளையம், தொப்பம்பாளையம், பவானிசாகர், ஈரோடு மாவட்டம். 3) மா.மனோகரன் தொட்டம்பாளையம், பவானிசாகர், ஈரோடு மாவட்டம். 4) செ.பாண்டியன் புஞ்சைனூர், பனையம்பள்ளி, பவானிசாகர், ஈரோடு மாவட்டம். 5) கி.சுந்தர்ராஜ் நெசவாளர் காலனி, உத்தண்டியூர், பவானி சாகர், ஈரோடு.
பவானிசாகர் தெற்கு ஒன்றியம்
அமைப்பாளர் - சு.விஜயகுமார் கீழ்முதுரை, மாதம்பாளையம், பவானி சாகர், ஈரோடு மாவட்டம்.
துணை அமைப்பாளர்கள் - 1) சு.முத்துச்சாமி கீழ்முதுரை, மாதம்பாளையம், பவானிசாகர், ஈரோடு. 2) மு.ரவிக்குமார் கீழ்முதுரை, மாதம்பாளையம், பவானிசாகர், ஈரோடு. 3) மா.ரமேஷ் கீழ்முதுரை, மாதம்பாளையம், பவானிசாகர், ஈரோடு. 4) ப.சாமிக்கண்ணன் கீழ்முதுரை, மாதம்பாளையம், பவானி சாகர், ஈரோடு. 5) க.சாமியப்பன் காந்திநகர், பவானிசாகர், ஈரோடு மாவட்டம்.
சத்தியமங்கலம் வடக்கு ஒன்றியம்
அமைப்பாளர் - எஸ்.மோகன்ராஜ் 1/2119, தெற்கு வீதி, சதுமுகை அஞ்சல், சத்தியமங்கலம், ஈரோடு மாவட்டம்.
துணை அமைப்பாளர்கள் - 1) ரா.தங்கவேல் தாசரிபாளையம், கொண்டப்பநாயக்கன்பாளையம் அஞ்சல், சத்தியமங்கலம், ஈரோடு மாவட்டம். 2) ப.மாதேஷ் தாசரிபாளையம், கொண்டப்பநாயக்கன்பாளையம் அஞ்சல், சத்தியமங்கலம், ஈரோடு மாவட்டம். 3) ஆர்.விஜயகுமார் 6/47, ஒண்டியூர், சதுமுகை அஞ்சல், சத்தியமங்கலம், ஈரோடு மாவட்டம். 4) எஸ்.விவேகபாரதி பிள்ளையார் கோவில் வீதி, கள்ளிப்பட்டி, சதுமுகை அஞ்சல், சத்தியமங்கலம், ஈரோடு மாவட்டம். 5) வி.லிங்கேஷ்குமார் எம்.ஜி.ஆர் நகர், கொமாரபாளையம், சத்தியமங்கலம், ஈரோடு.
சத்தியமங்கலம் தெற்கு ஒன்றியம்
அமைப்பாளர் - ச.விஸ்வநாதன் 2/133, இ.மேட்டுப்புதூர், இண்டியம்பாளையம், சத்தியமங்கலம், ஈரோடு மாவட்டம்.
துணை அமைப்பாளர்கள் - 1) ந.மகாதேவன் கோணமூலை, சத்தியமங்கலம், ஈரோடு மாவட்டம். 2) சி.ராஜேந்திரன் 4/138, ஏகப்பாளையம், நல்லூர் அஞ்சல், புதுப்பீர்கடவு, சத்தியமங்கலம், ஈரோடு மாவட்டம். 3) ரா.சரவணன் 4/165, தேவம்பாளையம், மாக்கினாங்கோம்பை, சத்தியமங்கலம், ஈரோடு மாவட்டம். 4) ரா.முருகேசன் 3/10, அரசூர் புதூர், அரசூர் (அ), சத்தியமங்கலம், ஈரோடு மாவட்டம். 5) கி.ராஜேந்திரன் 3/32, கோணமூலை, சத்தியமங்கலம், ஈரோடு மாவட்டம்.
தாளவாடி பேரூர்
அமைப்பாளர் - ம.செம்பையா 81, திகினாரை, தாளவாடி, ஈரோடு மாவட்டம்.
துணை அமைப்பாளர்கள் - 1) நா.வெங்கடாசலம் 279, தொட்டகாஜனூர், தாளவாடி, ஈரோடு மாவட்டம். 2) ப.சிவக்குமார் 124, ஏரஹள்ளி, தாளவாடி, ஈரோடு மாவட்டம். 3) ரா.ராமன் 3/38, அம்பேத்கர் வீதி, பையனாபுரம், தாளவாடி, ஈரோடு. 4) தொ.சென்னா பையனாபுரம், தாளவாடி, ஈரோடு மாவட்டம். 5) மா.சன்னமாதேவிராஜ் பையனாபுரம், தாளவாடி, ஈரோடு மாவட்டம்.
கோபிசெட்டிபாளையம் நகரம்
அமைப்பாளர் - எம்.ஜி.சண்முகம் 10/20, மாரியம்மன் கோவில் வீதி, மொடச்சூர், கோபிசெட்டிபாளையம், ஈரோடு மாவட்டம்.
துணை அமைப்பாளர்கள் - 1) டி.பரிமணி 22, சீதாலட்சுமிபுரம் 3வது வீதி, புதுப்பாளையம், கோபிசெட்டிபாளையம், ஈரோடு மாவட்டம். 2) எம்.பழனிசாமி 30, பெரியண்ணன் வீதி, மொடச்சூர், கோபிசெட்டிபாளையம், ஈரோடு மாவட்டம். 3) எஸ்.ரமேஷ் 5/3, அம்பேத்கர் வீதி, கோபிசெட்டிபாளையம், ஈரோடு மாவட்டம். 4) டி.ராஜேஷ் 46/72, கருமாயி வீதி - 4, கோபிசெட்டிபாளையம், ஈரோடு. 5) டி.மதி (எ) ராஜேஸ்கண்ணா 31, செல்லப்பா நகர், கோபிசெட்டிபாளையம், ஈரோடு.
சத்தியமங்கலம் நகரம்
அமைப்பாளர் - ஜெ.சரவணக்குமார் 5/3, கோவிந்தராஜபுரம், ரங்கசமுத்திரம், சத்தியமங்கலம், ஈரோடு மாவட்டம்.
துணை அமைப்பாளர்கள் - 1) க.தனசேகர் 13, கோவிந்தராஜபுரம், ரங்கசமுத்திரம், சத்தியமங்கலம், ஈரோடு மாவட்டம். 2) சி.ரகுராம் 32, மூலனூர், கோவிந்தராஜபுரம், ரங்கசமுத்திரம், சத்தியமங்கலம், ஈரோடு மாவட்டம். 3) ஆர்.கோபால் 6, கோவிந்தராஜபுரம், ரங்கசமுத்திரம், சத்தியமங்கலம், ஈரோடு மாவட்டம். 4) ரா.சிவக்குமார் 38/1, எட்டேன்சியன் வீதி - 5, ரங்கசமுத்திரம், சத்தியமங்கலம், ஈரோடு. 5) ஜெ.முருகானந்தம் 5/3, கோவிந்தராஜபுரம், ரங்கசமுத்திரம், சத்தியமங்கலம்.
புன்செய் புளியம்பட்டி நகரம்
அமைப்பாளர் - அ.சங்கர்கணேஷ் 5/6/4, தாகூர் வீதி, புன்செய் புளியம்பட்டி, ஈரோடு மாவட்டம்.
துணை அமைப்பாளர்கள் - 1) க.பிரபு 11, எஸ்.ஆர்.டி மில்
